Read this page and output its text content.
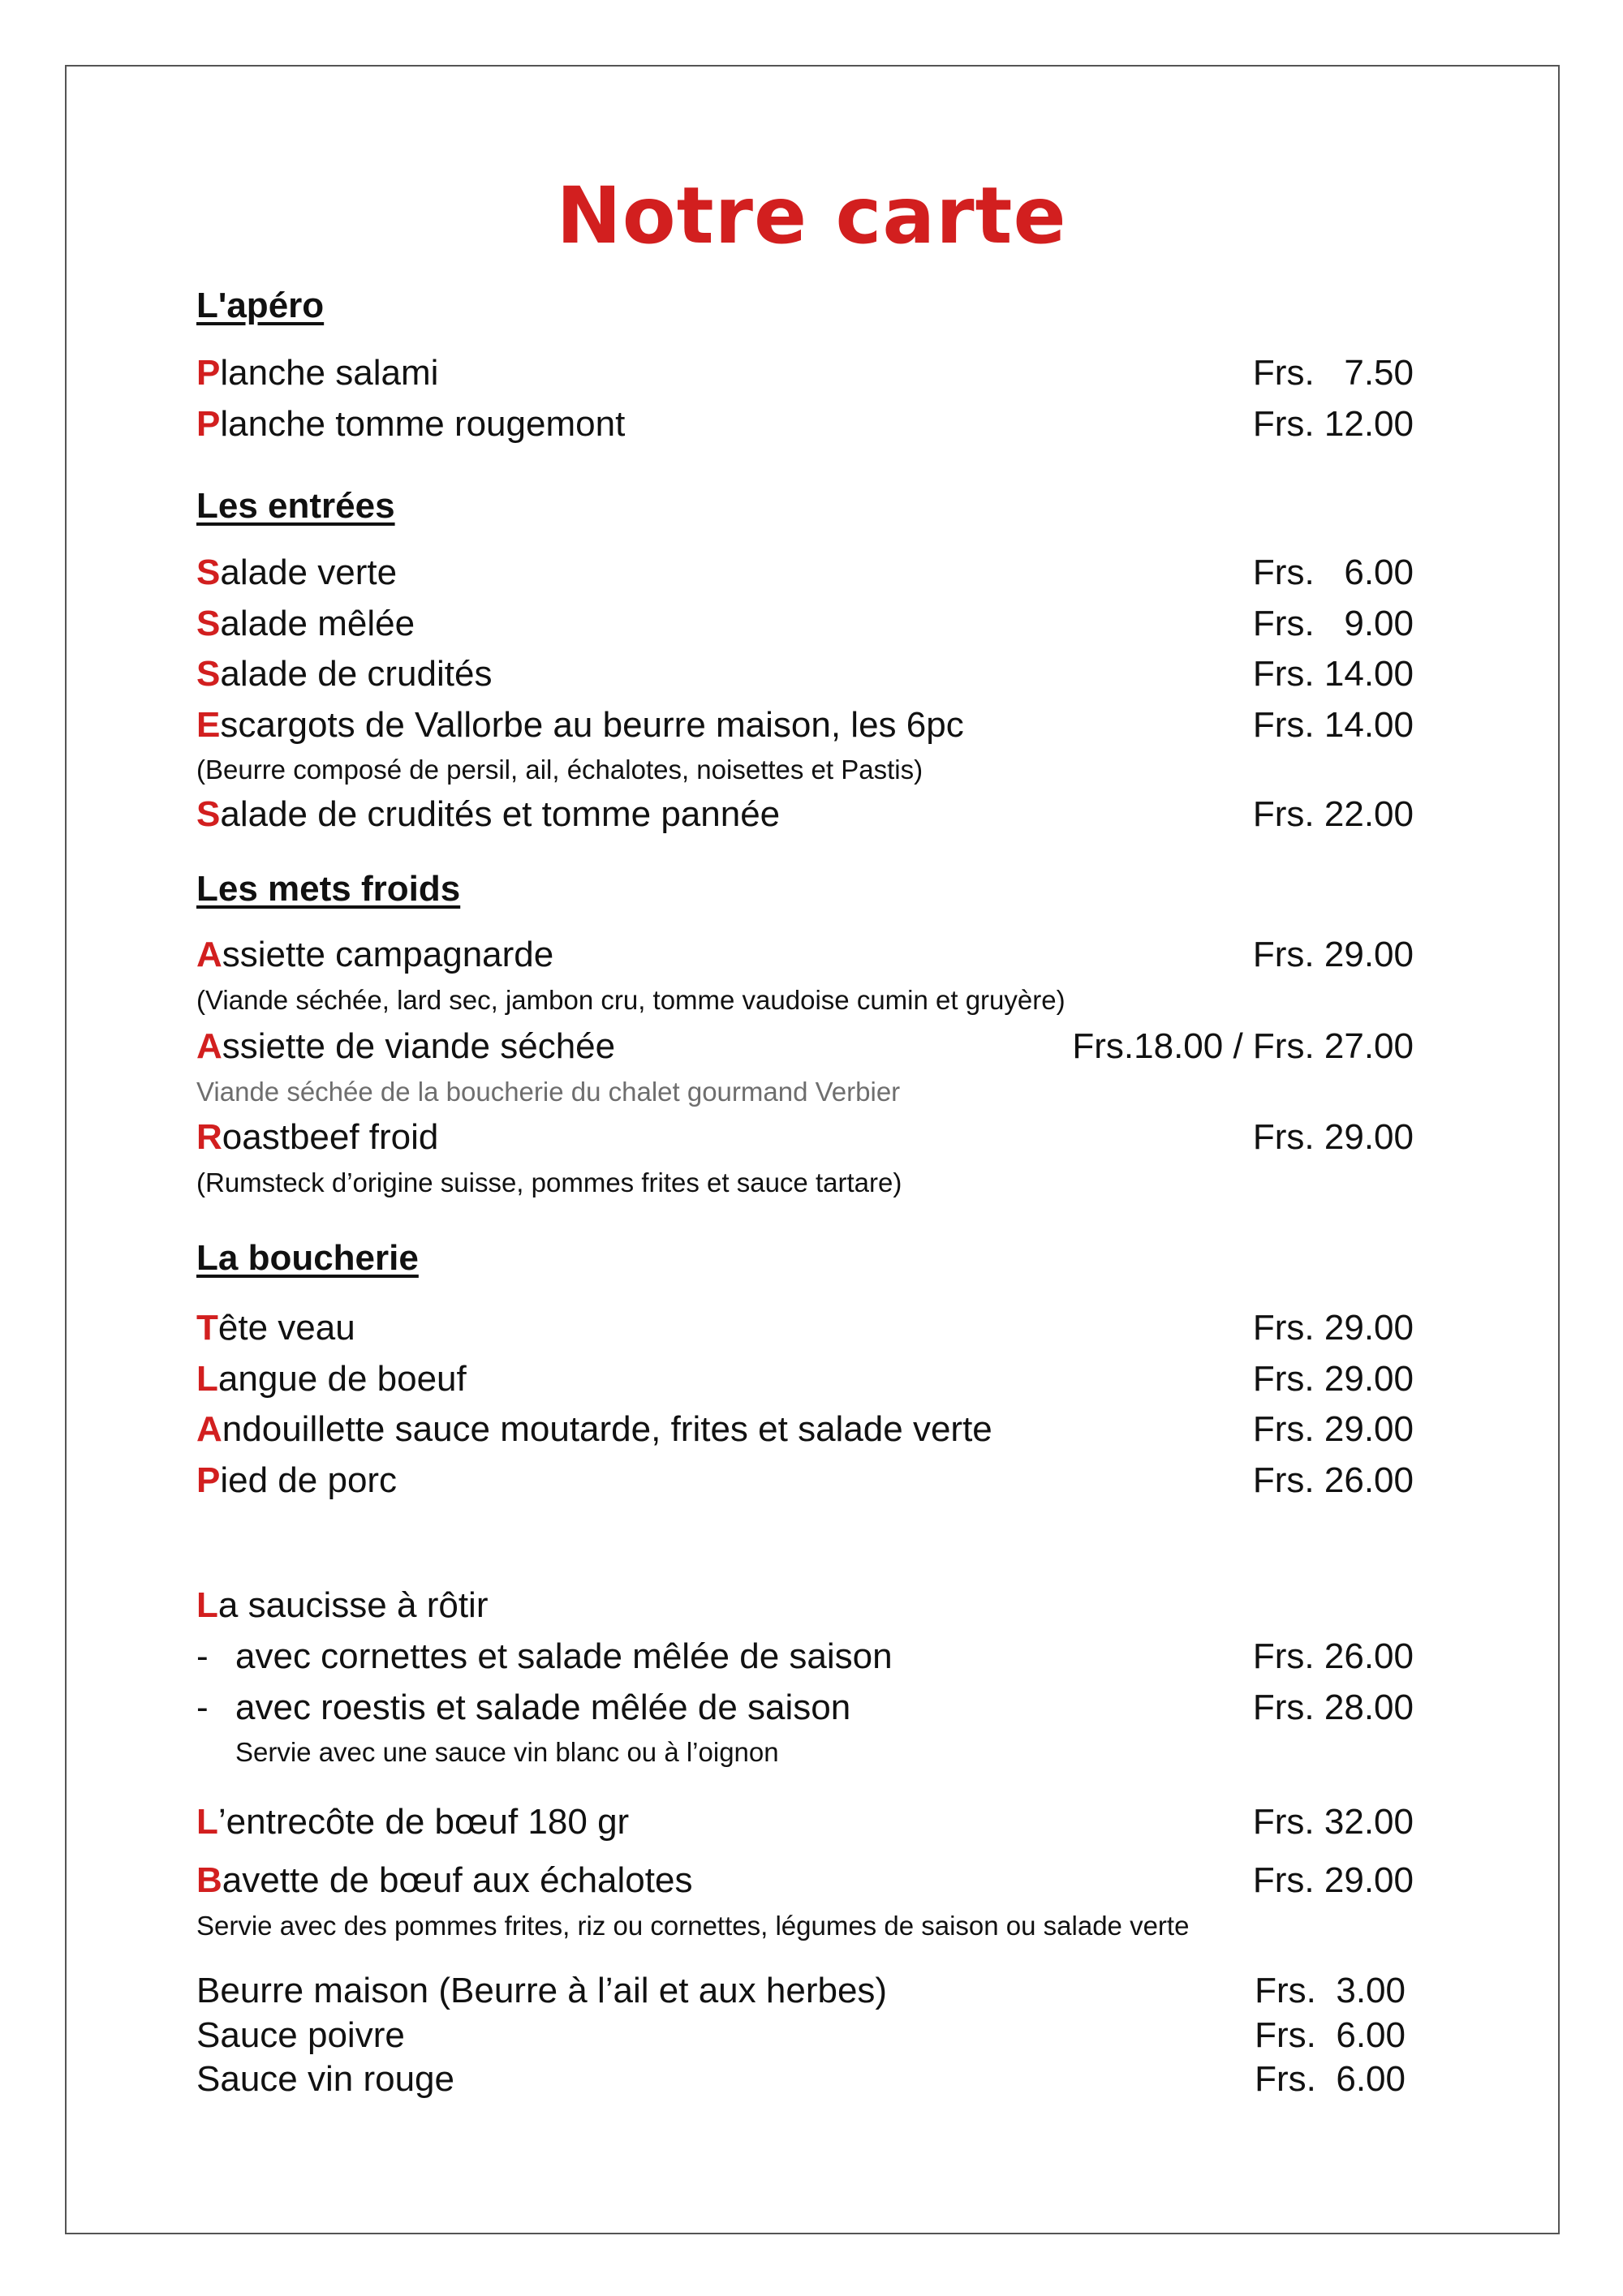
Notre carte
L'apéro
Planche salami	Frs.   7.50
Planche tomme rougemont	Frs. 12.00
Les entrées
Salade verte	Frs.   6.00
Salade mêlée	Frs.   9.00
Salade de crudités	Frs. 14.00
Escargots de Vallorbe au beurre maison, les 6pc	Frs. 14.00
(Beurre composé de persil, ail, échalotes, noisettes et Pastis)
Salade de crudités et tomme pannée	Frs. 22.00
Les mets froids
Assiette campagnarde	Frs. 29.00
(Viande séchée, lard sec, jambon cru, tomme vaudoise cumin et gruyère)
Assiette de viande séchée	Frs.18.00 / Frs. 27.00
Viande séchée de la boucherie du chalet gourmand Verbier
Roastbeef froid	Frs. 29.00
(Rumsteck d’origine suisse, pommes frites et sauce tartare)
La boucherie
Tête veau	Frs. 29.00
Langue de boeuf	Frs. 29.00
Andouillette sauce moutarde, frites et salade verte	Frs. 29.00
Pied de porc	Frs. 26.00
La saucisse à rôtir
- avec cornettes et salade mêlée de saison	Frs. 26.00
- avec roestis et salade mêlée de saison	Frs. 28.00
Servie avec une sauce vin blanc ou à l’oignon
L’entrecôte de bœuf 180 gr	Frs. 32.00
Bavette de bœuf aux échalotes	Frs. 29.00
Servie avec des pommes frites, riz ou cornettes, légumes de saison ou salade verte
Beurre maison (Beurre à l’ail et aux herbes)	Frs.  3.00
Sauce poivre	Frs.  6.00
Sauce vin rouge	Frs.  6.00
